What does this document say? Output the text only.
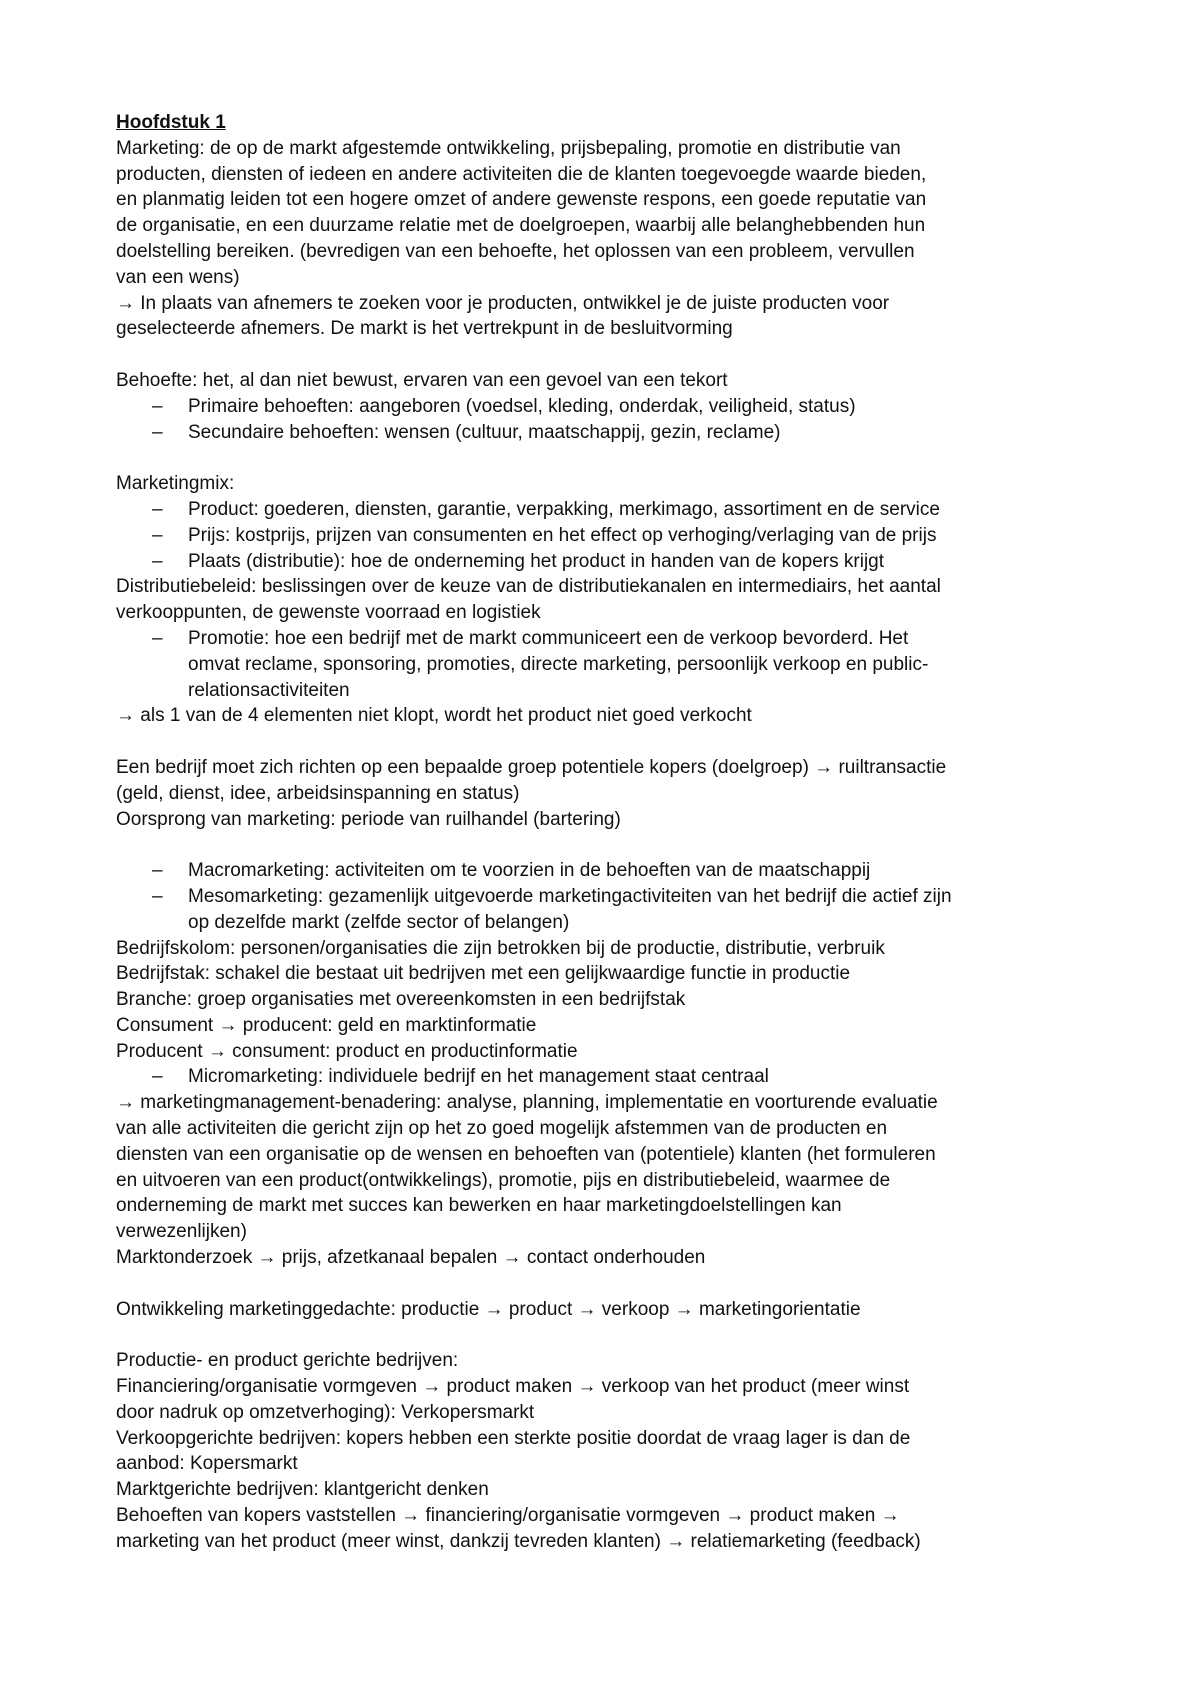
Hoofdstuk 1
Marketing: de op de markt afgestemde ontwikkeling, prijsbepaling, promotie en distributie van
producten, diensten of iedeen en andere activiteiten die de klanten toegevoegde waarde bieden,
en planmatig leiden tot een hogere omzet of andere gewenste respons, een goede reputatie van
de organisatie, en een duurzame relatie met de doelgroepen, waarbij alle belanghebbenden hun
doelstelling bereiken. (bevredigen van een behoefte, het oplossen van een probleem, vervullen
van een wens)
→ In plaats van afnemers te zoeken voor je producten, ontwikkel je de juiste producten voor
geselecteerde afnemers. De markt is het vertrekpunt in de besluitvorming
Behoefte: het, al dan niet bewust, ervaren van een gevoel van een tekort
– Primaire behoeften: aangeboren (voedsel, kleding, onderdak, veiligheid, status)
– Secundaire behoeften: wensen (cultuur, maatschappij, gezin, reclame)
Marketingmix:
– Product: goederen, diensten, garantie, verpakking, merkimago, assortiment en de service
– Prijs: kostprijs, prijzen van consumenten en het effect op verhoging/verlaging van de prijs
– Plaats (distributie): hoe de onderneming het product in handen van de kopers krijgt
Distributiebeleid: beslissingen over de keuze van de distributiekanalen en intermediairs, het aantal
verkooppunten, de gewenste voorraad en logistiek
– Promotie: hoe een bedrijf met de markt communiceert een de verkoop bevorderd. Het
omvat reclame, sponsoring, promoties, directe marketing, persoonlijk verkoop en public-
relationsactiviteiten
→ als 1 van de 4 elementen niet klopt, wordt het product niet goed verkocht
Een bedrijf moet zich richten op een bepaalde groep potentiele kopers (doelgroep) → ruiltransactie
(geld, dienst, idee, arbeidsinspanning en status)
Oorsprong van marketing: periode van ruilhandel (bartering)
– Macromarketing: activiteiten om te voorzien in de behoeften van de maatschappij
– Mesomarketing: gezamenlijk uitgevoerde marketingactiviteiten van het bedrijf die actief zijn
op dezelfde markt (zelfde sector of belangen)
Bedrijfskolom: personen/organisaties die zijn betrokken bij de productie, distributie, verbruik
Bedrijfstak: schakel die bestaat uit bedrijven met een gelijkwaardige functie in productie
Branche: groep organisaties met overeenkomsten in een bedrijfstak
Consument → producent: geld en marktinformatie
Producent → consument: product en productinformatie
– Micromarketing: individuele bedrijf en het management staat centraal
→ marketingmanagement-benadering: analyse, planning, implementatie en voorturende evaluatie
van alle activiteiten die gericht zijn op het zo goed mogelijk afstemmen van de producten en
diensten van een organisatie op de wensen en behoeften van (potentiele) klanten (het formuleren
en uitvoeren van een product(ontwikkelings), promotie, pijs en distributiebeleid, waarmee de
onderneming de markt met succes kan bewerken en haar marketingdoelstellingen kan
verwezenlijken)
Marktonderzoek → prijs, afzetkanaal bepalen → contact onderhouden
Ontwikkeling marketinggedachte: productie → product → verkoop → marketingorientatie
Productie- en product gerichte bedrijven:
Financiering/organisatie vormgeven → product maken → verkoop van het product (meer winst
door nadruk op omzetverhoging): Verkopersmarkt
Verkoopgerichte bedrijven: kopers hebben een sterkte positie doordat de vraag lager is dan de
aanbod: Kopersmarkt
Marktgerichte bedrijven: klantgericht denken
Behoeften van kopers vaststellen → financiering/organisatie vormgeven → product maken →
marketing van het product (meer winst, dankzij tevreden klanten) → relatiemarketing (feedback)
